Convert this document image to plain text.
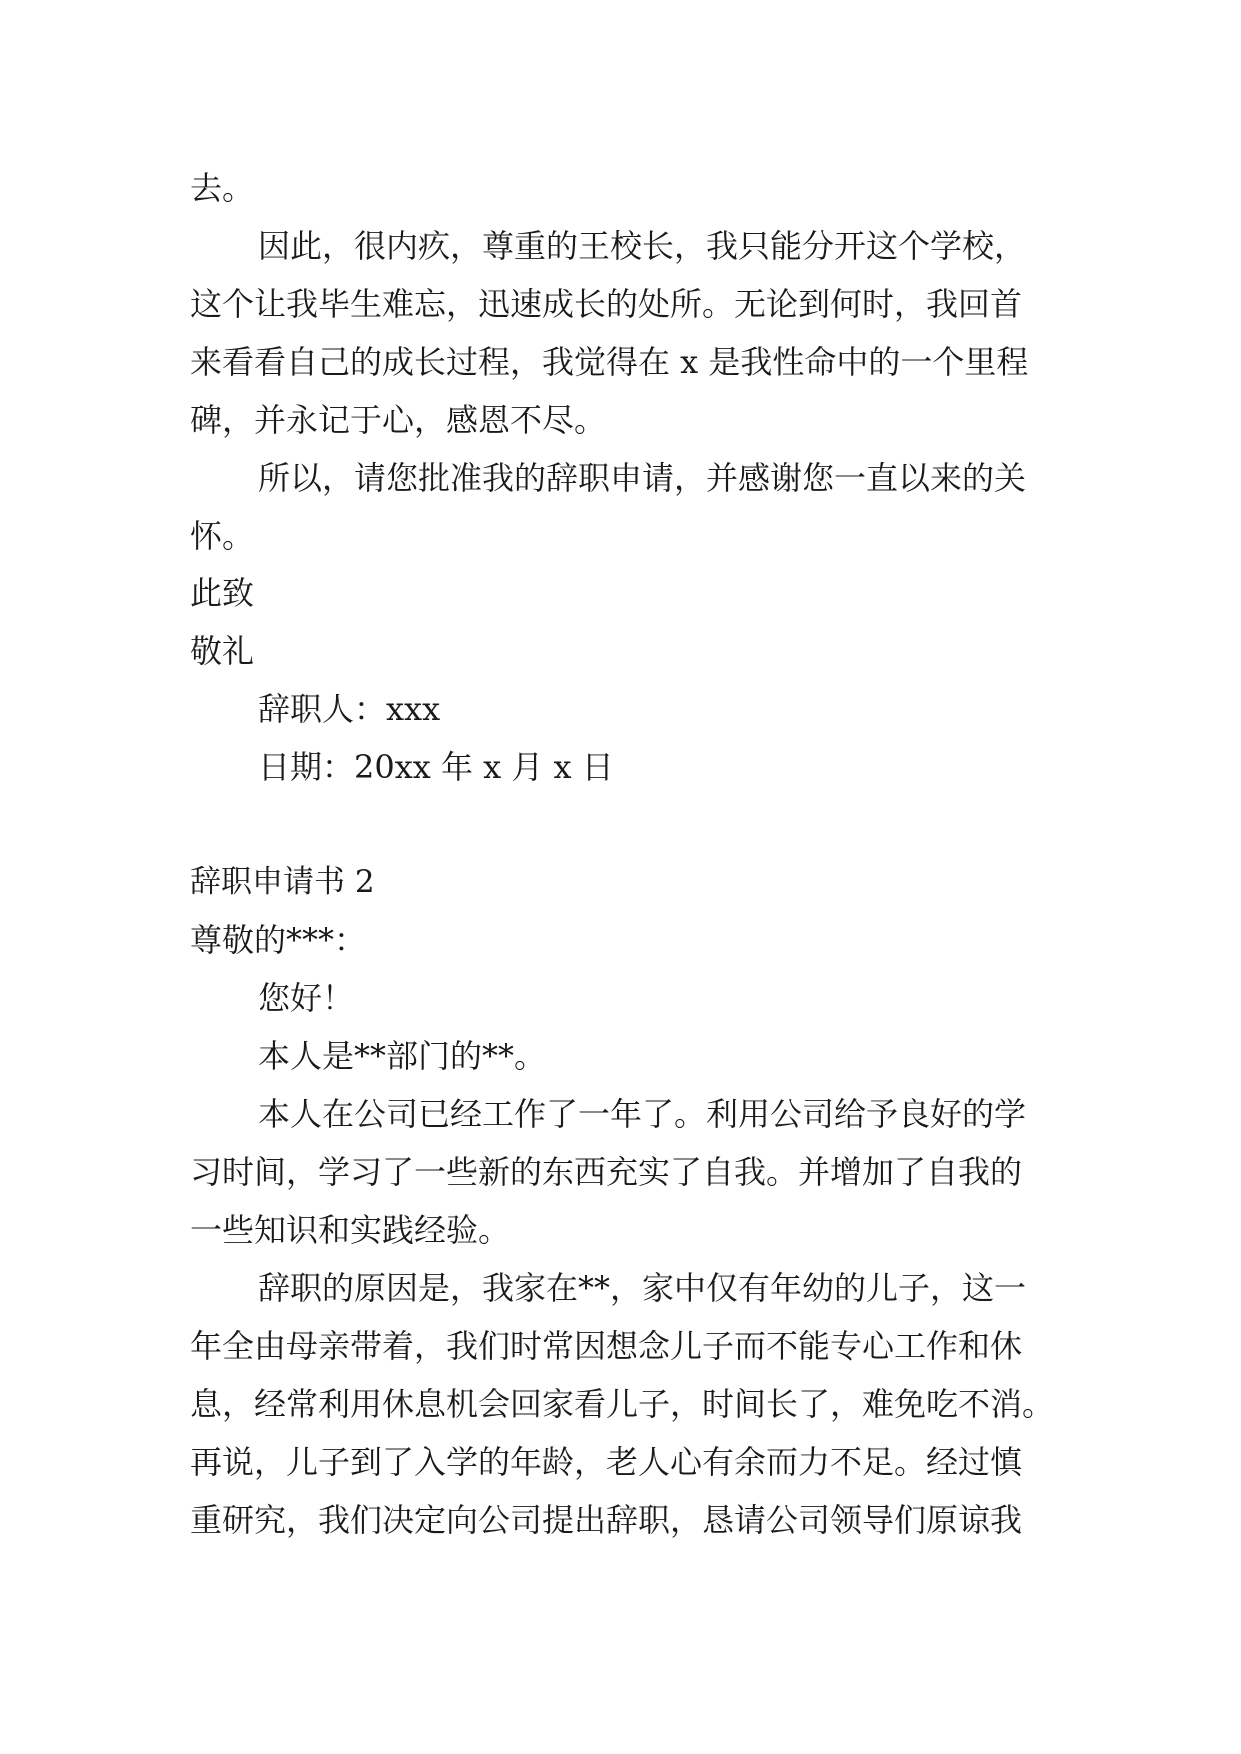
去。
因此，很内疚，尊重的王校长，我只能分开这个学校，
这个让我毕生难忘，迅速成长的处所。无论到何时，我回首
来看看自己的成长过程，我觉得在 x 是我性命中的一个里程
碑，并永记于心，感恩不尽。
所以，请您批准我的辞职申请，并感谢您一直以来的关
怀。
此致
敬礼
辞职人：xxx
日期：20xx 年 x 月 x 日
辞职申请书 2
尊敬的***：
您好！
本人是**部门的**。
本人在公司已经工作了一年了。利用公司给予良好的学
习时间，学习了一些新的东西充实了自我。并增加了自我的
一些知识和实践经验。
辞职的原因是，我家在**，家中仅有年幼的儿子，这一
年全由母亲带着，我们时常因想念儿子而不能专心工作和休
息，经常利用休息机会回家看儿子，时间长了，难免吃不消。
再说，儿子到了入学的年龄，老人心有余而力不足。经过慎
重研究，我们决定向公司提出辞职，恳请公司领导们原谅我
